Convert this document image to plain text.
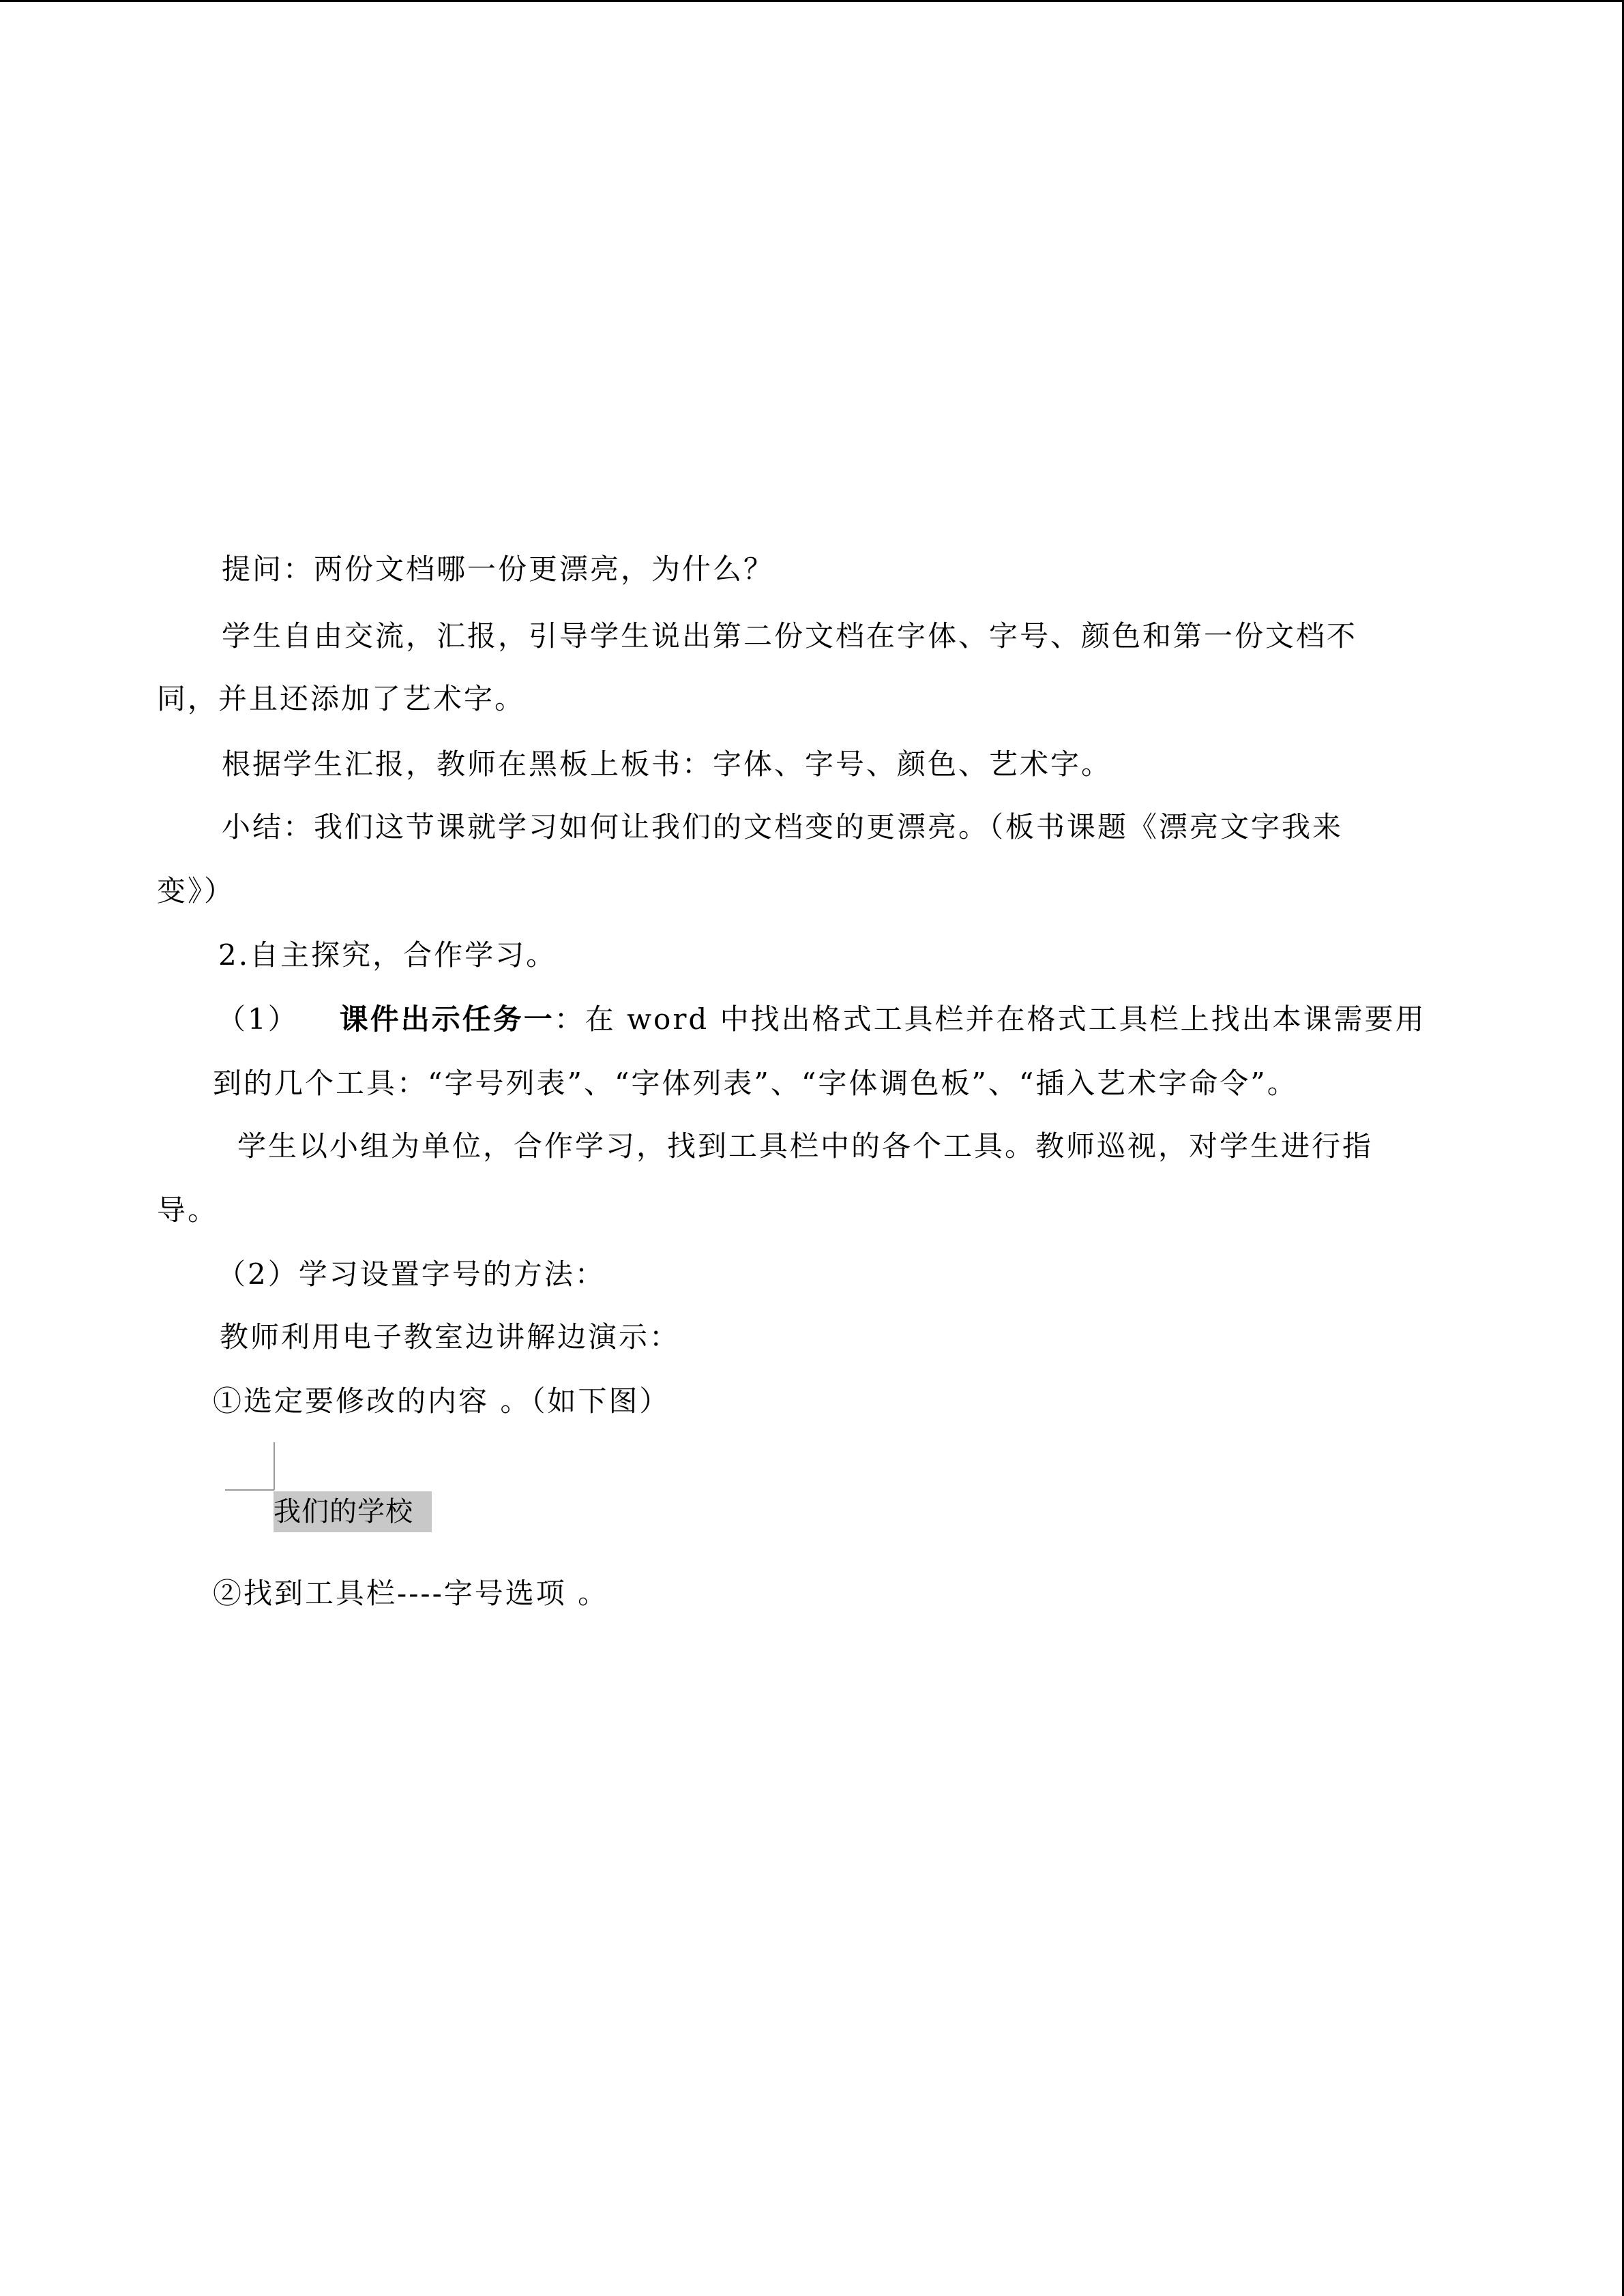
提问：两份文档哪一份更漂亮，为什么？
学生自由交流，汇报，引导学生说出第二份文档在字体、字号、颜色和第一份文档不
同，并且还添加了艺术字。
根据学生汇报，教师在黑板上板书：字体、字号、颜色、艺术字。
小结：我们这节课就学习如何让我们的文档变的更漂亮。（板书课题《漂亮文字我来
变》）
2.自主探究，合作学习。
（1） 课件出示任务一：在 word 中找出格式工具栏并在格式工具栏上找出本课需要用
到的几个工具：“字号列表”、“字体列表”、“字体调色板”、“插入艺术字命令”。
学生以小组为单位，合作学习，找到工具栏中的各个工具。教师巡视，对学生进行指
导。
（2）学习设置字号的方法：
教师利用电子教室边讲解边演示：
①选定要修改的内容 。（如下图）
我们的学校
②找到工具栏----字号选项 。
